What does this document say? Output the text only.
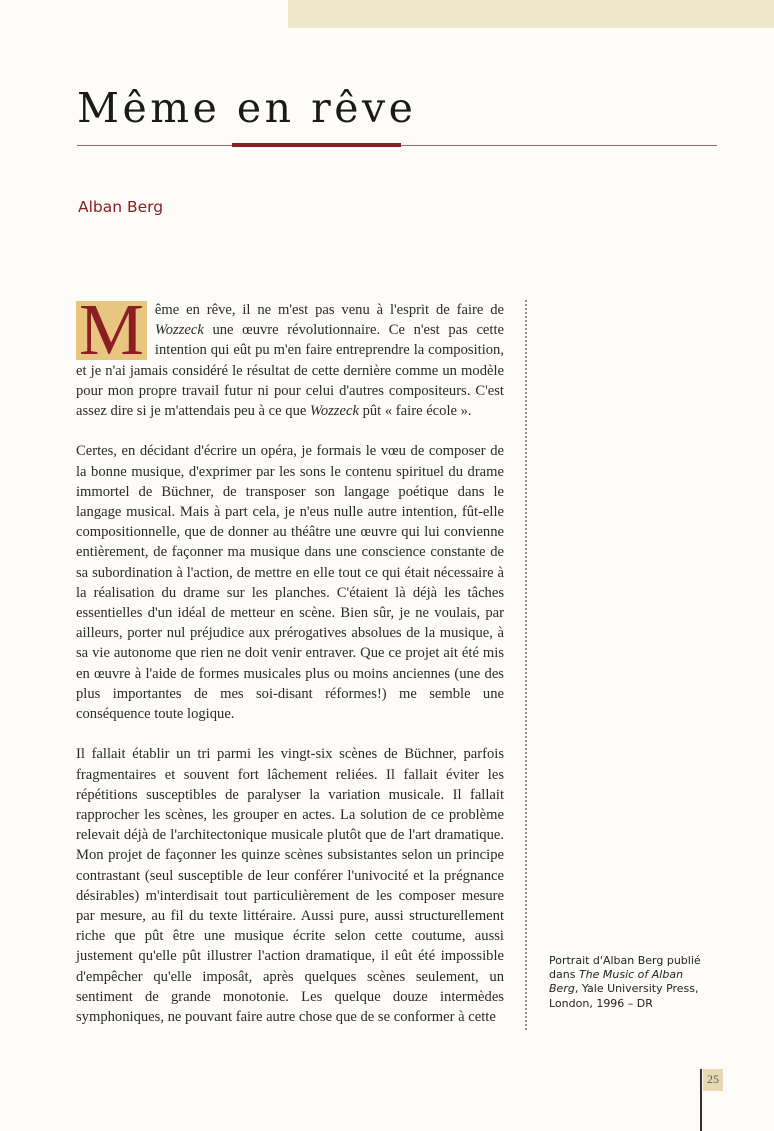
Même en rêve
Alban Berg

M ême en rêve, il ne m'est pas venu à l'esprit de faire de Wozzeck une œuvre révolutionnaire. Ce n'est pas cette intention qui eût pu m'en faire entreprendre la composition, et je n'ai jamais considéré le résultat de cette dernière comme un modèle pour mon propre travail futur ni pour celui d'autres compositeurs. C'est assez dire si je m'attendais peu à ce que Wozzeck pût « faire école ».

Certes, en décidant d'écrire un opéra, je formais le vœu de composer de la bonne musique, d'exprimer par les sons le contenu spirituel du drame immortel de Büchner, de transposer son langage poétique dans le langage musical. Mais à part cela, je n'eus nulle autre intention, fût-elle compositionnelle, que de donner au théâtre une œuvre qui lui convienne entièrement, de façonner ma musique dans une conscience constante de sa subordination à l'action, de mettre en elle tout ce qui était nécessaire à la réalisation du drame sur les planches. C'étaient là déjà les tâches essentielles d'un idéal de metteur en scène. Bien sûr, je ne voulais, par ailleurs, porter nul préjudice aux prérogatives absolues de la musique, à sa vie autonome que rien ne doit venir entraver. Que ce projet ait été mis en œuvre à l'aide de formes musicales plus ou moins anciennes (une des plus importantes de mes soi-disant réformes!) me semble une conséquence toute logique.

Il fallait établir un tri parmi les vingt-six scènes de Büchner, parfois fragmentaires et souvent fort lâchement reliées. Il fallait éviter les répétitions susceptibles de paralyser la variation musicale. Il fallait rapprocher les scènes, les grouper en actes. La solution de ce problème relevait déjà de l'architectonique musicale plutôt que de l'art dramatique. Mon projet de façonner les quinze scènes subsistantes selon un principe contrastant (seul susceptible de leur conférer l'univocité et la prégnance désirables) m'interdisait tout particulièrement de les composer mesure par mesure, au fil du texte littéraire. Aussi pure, aussi structurellement riche que pût être une musique écrite selon cette coutume, aussi justement qu'elle pût illustrer l'action dramatique, il eût été impossible d'empêcher qu'elle imposât, après quelques scènes seulement, un sentiment de grande monotonie. Les quelque douze intermèdes symphoniques, ne pouvant faire autre chose que de se conformer à cette

Portrait d'Alban Berg publié dans The Music of Alban Berg, Yale University Press, London, 1996 – DR
25
